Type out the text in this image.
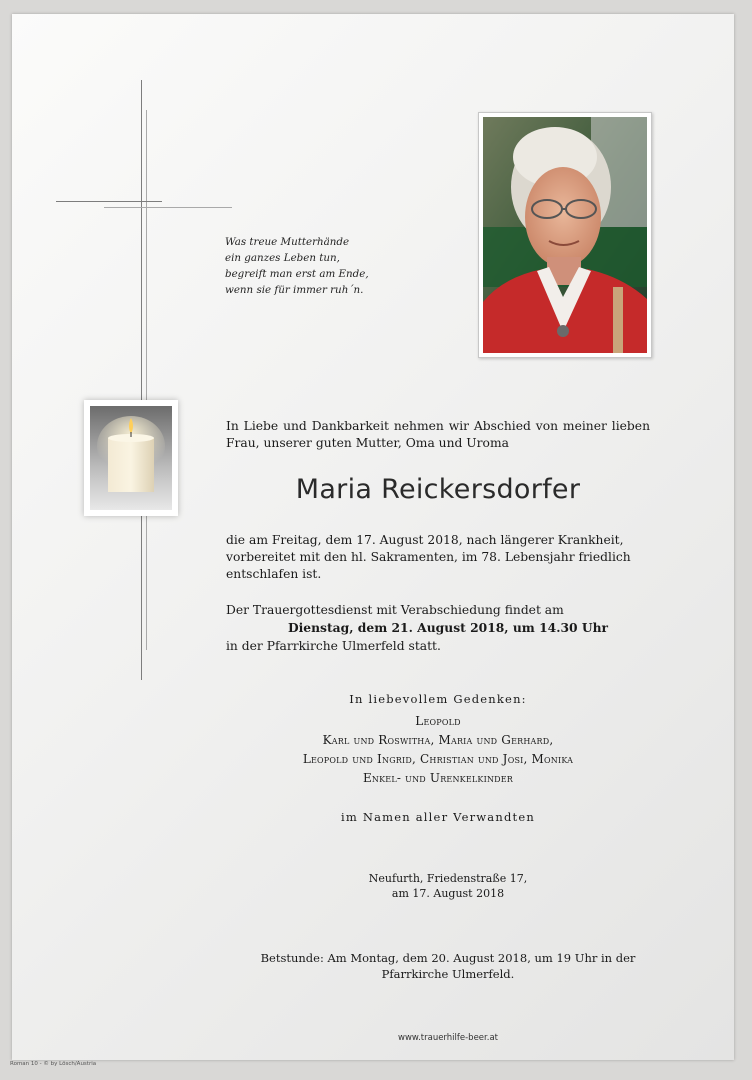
Was treue Mutterhände
ein ganzes Leben tun,
begreift man erst am Ende,
wenn sie für immer ruh´n.
In Liebe und Dankbarkeit nehmen wir Abschied von meiner lieben Frau, unserer guten Mutter, Oma und Uroma
Maria Reickersdorfer
die am Freitag, dem 17. August 2018, nach längerer Krankheit,
vorbereitet mit den hl. Sakramenten, im 78. Lebensjahr friedlich
entschlafen ist.
Der Trauergottesdienst mit Verabschiedung findet am
Dienstag, dem 21. August 2018, um 14.30 Uhr
in der Pfarrkirche Ulmerfeld statt.
In liebevollem Gedenken:
Leopold
Karl und Roswitha, Maria und Gerhard,
Leopold und Ingrid, Christian und Josi, Monika
Enkel- und Urenkelkinder
im Namen aller Verwandten
Neufurth, Friedenstraße 17,
am 17. August 2018
Betstunde: Am Montag, dem 20. August 2018, um 19 Uhr in der
Pfarrkirche Ulmerfeld.
www.trauerhilfe-beer.at
Roman 10 - © by Lösch/Austria
